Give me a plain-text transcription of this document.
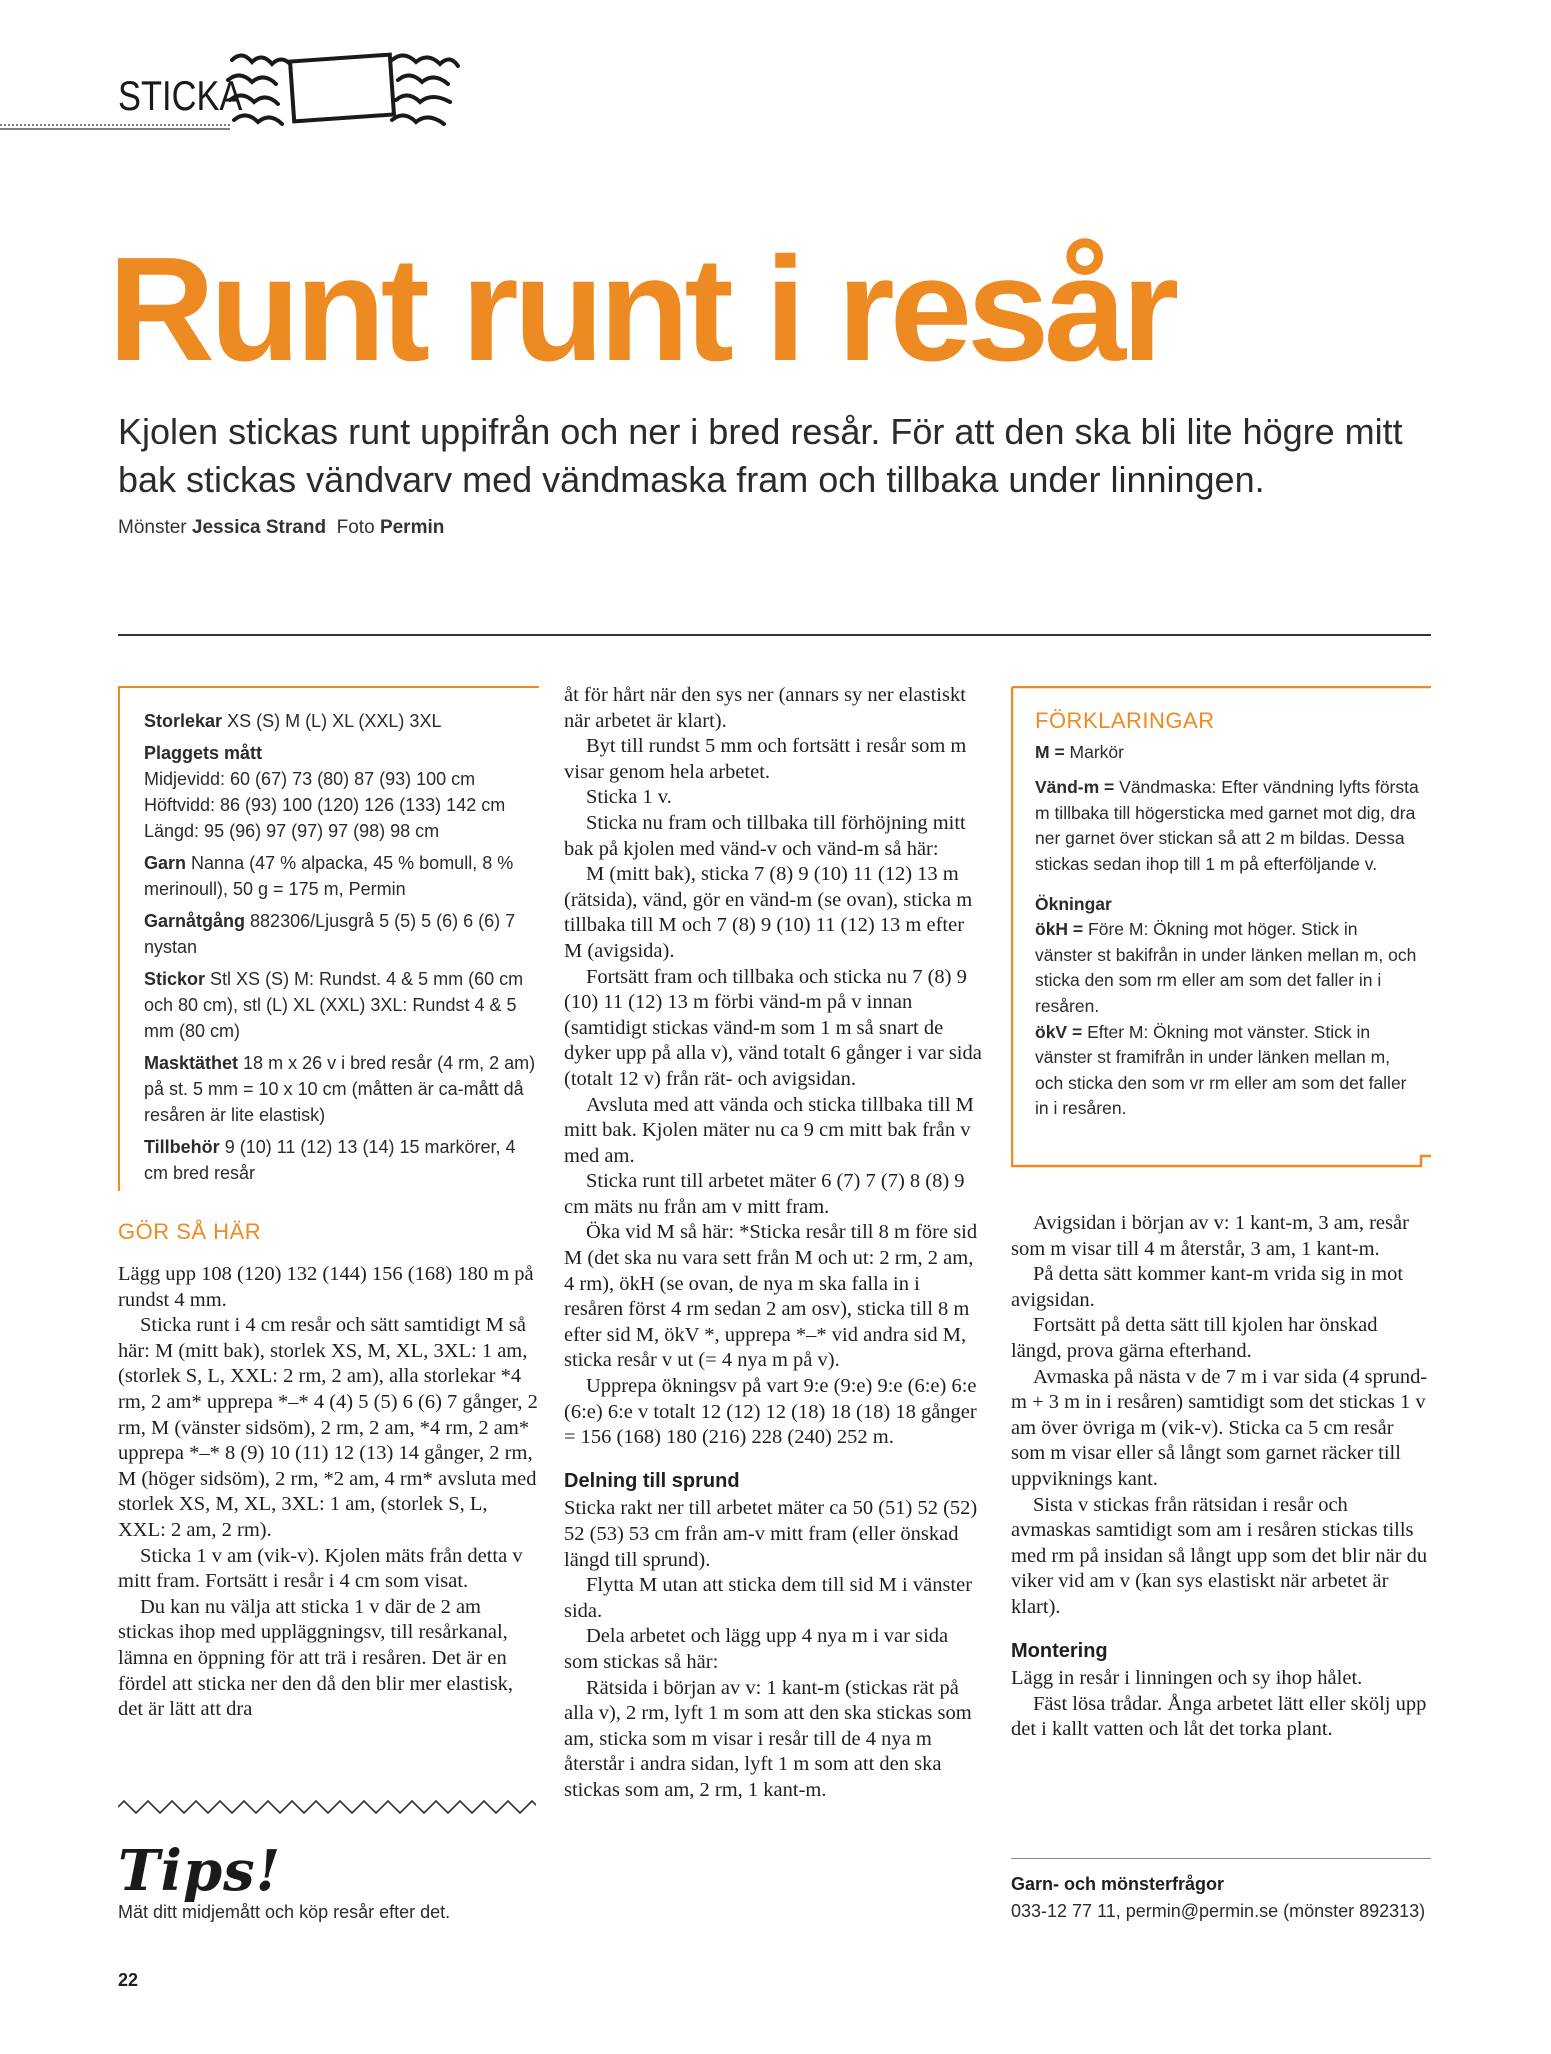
STICKA
Runt runt i resår
Kjolen stickas runt uppifrån och ner i bred resår. För att den ska bli lite högre mitt bak stickas vändvarv med vändmaska fram och tillbaka under linningen.
Mönster Jessica Strand Foto Permin
Storlekar XS (S) M (L) XL (XXL) 3XL
Plaggets mått
Midjevidd: 60 (67) 73 (80) 87 (93) 100 cm
Höftvidd: 86 (93) 100 (120) 126 (133) 142 cm
Längd: 95 (96) 97 (97) 97 (98) 98 cm
Garn Nanna (47 % alpacka, 45 % bomull, 8 % merinoull), 50 g = 175 m, Permin
Garnåtgång 882306/Ljusgrå 5 (5) 5 (6) 6 (6) 7 nystan
Stickor Stl XS (S) M: Rundst. 4 & 5 mm (60 cm och 80 cm), stl (L) XL (XXL) 3XL: Rundst 4 & 5 mm (80 cm)
Masktäthet 18 m x 26 v i bred resår (4 rm, 2 am) på st. 5 mm = 10 x 10 cm (måtten är ca-mått då resåren är lite elastisk)
Tillbehör 9 (10) 11 (12) 13 (14) 15 markörer, 4 cm bred resår
GÖR SÅ HÄR

Lägg upp 108 (120) 132 (144) 156 (168) 180 m på rundst 4 mm.

Sticka runt i 4 cm resår och sätt samtidigt M så här: M (mitt bak), storlek XS, M, XL, 3XL: 1 am, (storlek S, L, XXL: 2 rm, 2 am), alla storlekar *4 rm, 2 am* upprepa *–* 4 (4) 5 (5) 6 (6) 7 gånger, 2 rm, M (vänster sidsöm), 2 rm, 2 am, *4 rm, 2 am* upprepa *–* 8 (9) 10 (11) 12 (13) 14 gånger, 2 rm, M (höger sidsöm), 2 rm, *2 am, 4 rm* avsluta med storlek XS, M, XL, 3XL: 1 am, (storlek S, L, XXL: 2 am, 2 rm).

Sticka 1 v am (vik-v). Kjolen mäts från detta v mitt fram. Fortsätt i resår i 4 cm som visat.

Du kan nu välja att sticka 1 v där de 2 am stickas ihop med uppläggningsv, till resårkanal, lämna en öppning för att trä i resåren. Det är en fördel att sticka ner den då den blir mer elastisk, det är lätt att dra

Tips!
Mät ditt midjemått och köp resår efter det.

åt för hårt när den sys ner (annars sy ner elastiskt när arbetet är klart).

Byt till rundst 5 mm och fortsätt i resår som m visar genom hela arbetet.

Sticka 1 v.

Sticka nu fram och tillbaka till förhöjning mitt bak på kjolen med vänd-v och vänd-m så här:

M (mitt bak), sticka 7 (8) 9 (10) 11 (12) 13 m (rätsida), vänd, gör en vänd-m (se ovan), sticka m tillbaka till M och 7 (8) 9 (10) 11 (12) 13 m efter M (avigsida).

Fortsätt fram och tillbaka och sticka nu 7 (8) 9 (10) 11 (12) 13 m förbi vänd-m på v innan (samtidigt stickas vänd-m som 1 m så snart de dyker upp på alla v), vänd totalt 6 gånger i var sida (totalt 12 v) från rät- och avigsidan.

Avsluta med att vända och sticka tillbaka till M mitt bak. Kjolen mäter nu ca 9 cm mitt bak från v med am.

Sticka runt till arbetet mäter 6 (7) 7 (7) 8 (8) 9 cm mäts nu från am v mitt fram.

Öka vid M så här: *Sticka resår till 8 m före sid M (det ska nu vara sett från M och ut: 2 rm, 2 am, 4 rm), ökH (se ovan, de nya m ska falla in i resåren först 4 rm sedan 2 am osv), sticka till 8 m efter sid M, ökV *, upprepa *–* vid andra sid M, sticka resår v ut (= 4 nya m på v).

Upprepa ökningsv på vart 9:e (9:e) 9:e (6:e) 6:e (6:e) 6:e v totalt 12 (12) 12 (18) 18 (18) 18 gånger = 156 (168) 180 (216) 228 (240) 252 m.

Delning till sprund

Sticka rakt ner till arbetet mäter ca 50 (51) 52 (52) 52 (53) 53 cm från am-v mitt fram (eller önskad längd till sprund).

Flytta M utan att sticka dem till sid M i vänster sida.

Dela arbetet och lägg upp 4 nya m i var sida som stickas så här:

Rätsida i början av v: 1 kant-m (stickas rät på alla v), 2 rm, lyft 1 m som att den ska stickas som am, sticka som m visar i resår till de 4 nya m återstår i andra sidan, lyft 1 m som att den ska stickas som am, 2 rm, 1 kant-m.

FÖRKLARINGAR
M = Markör
Vänd-m = Vändmaska: Efter vändning lyfts första m tillbaka till högersticka med garnet mot dig, dra ner garnet över stickan så att 2 m bildas. Dessa stickas sedan ihop till 1 m på efterföljande v.
Ökningar
ökH = Före M: Ökning mot höger. Stick in vänster st bakifrån in under länken mellan m, och sticka den som rm eller am som det faller in i resåren.
ökV = Efter M: Ökning mot vänster. Stick in vänster st framifrån in under länken mellan m, och sticka den som vr rm eller am som det faller in i resåren.

Avigsidan i början av v: 1 kant-m, 3 am, resår som m visar till 4 m återstår, 3 am, 1 kant-m.

På detta sätt kommer kant-m vrida sig in mot avigsidan.

Fortsätt på detta sätt till kjolen har önskad längd, prova gärna efterhand.

Avmaska på nästa v de 7 m i var sida (4 sprund-m + 3 m in i resåren) samtidigt som det stickas 1 v am över övriga m (vik-v). Sticka ca 5 cm resår som m visar eller så långt som garnet räcker till uppviknings kant.

Sista v stickas från rätsidan i resår och avmaskas samtidigt som am i resåren stickas tills med rm på insidan så långt upp som det blir när du viker vid am v (kan sys elastiskt när arbetet är klart).

Montering

Lägg in resår i linningen och sy ihop hålet.

Fäst lösa trådar. Ånga arbetet lätt eller skölj upp det i kallt vatten och låt det torka plant.

Garn- och mönsterfrågor
033-12 77 11, permin@permin.se (mönster 892313)
22
